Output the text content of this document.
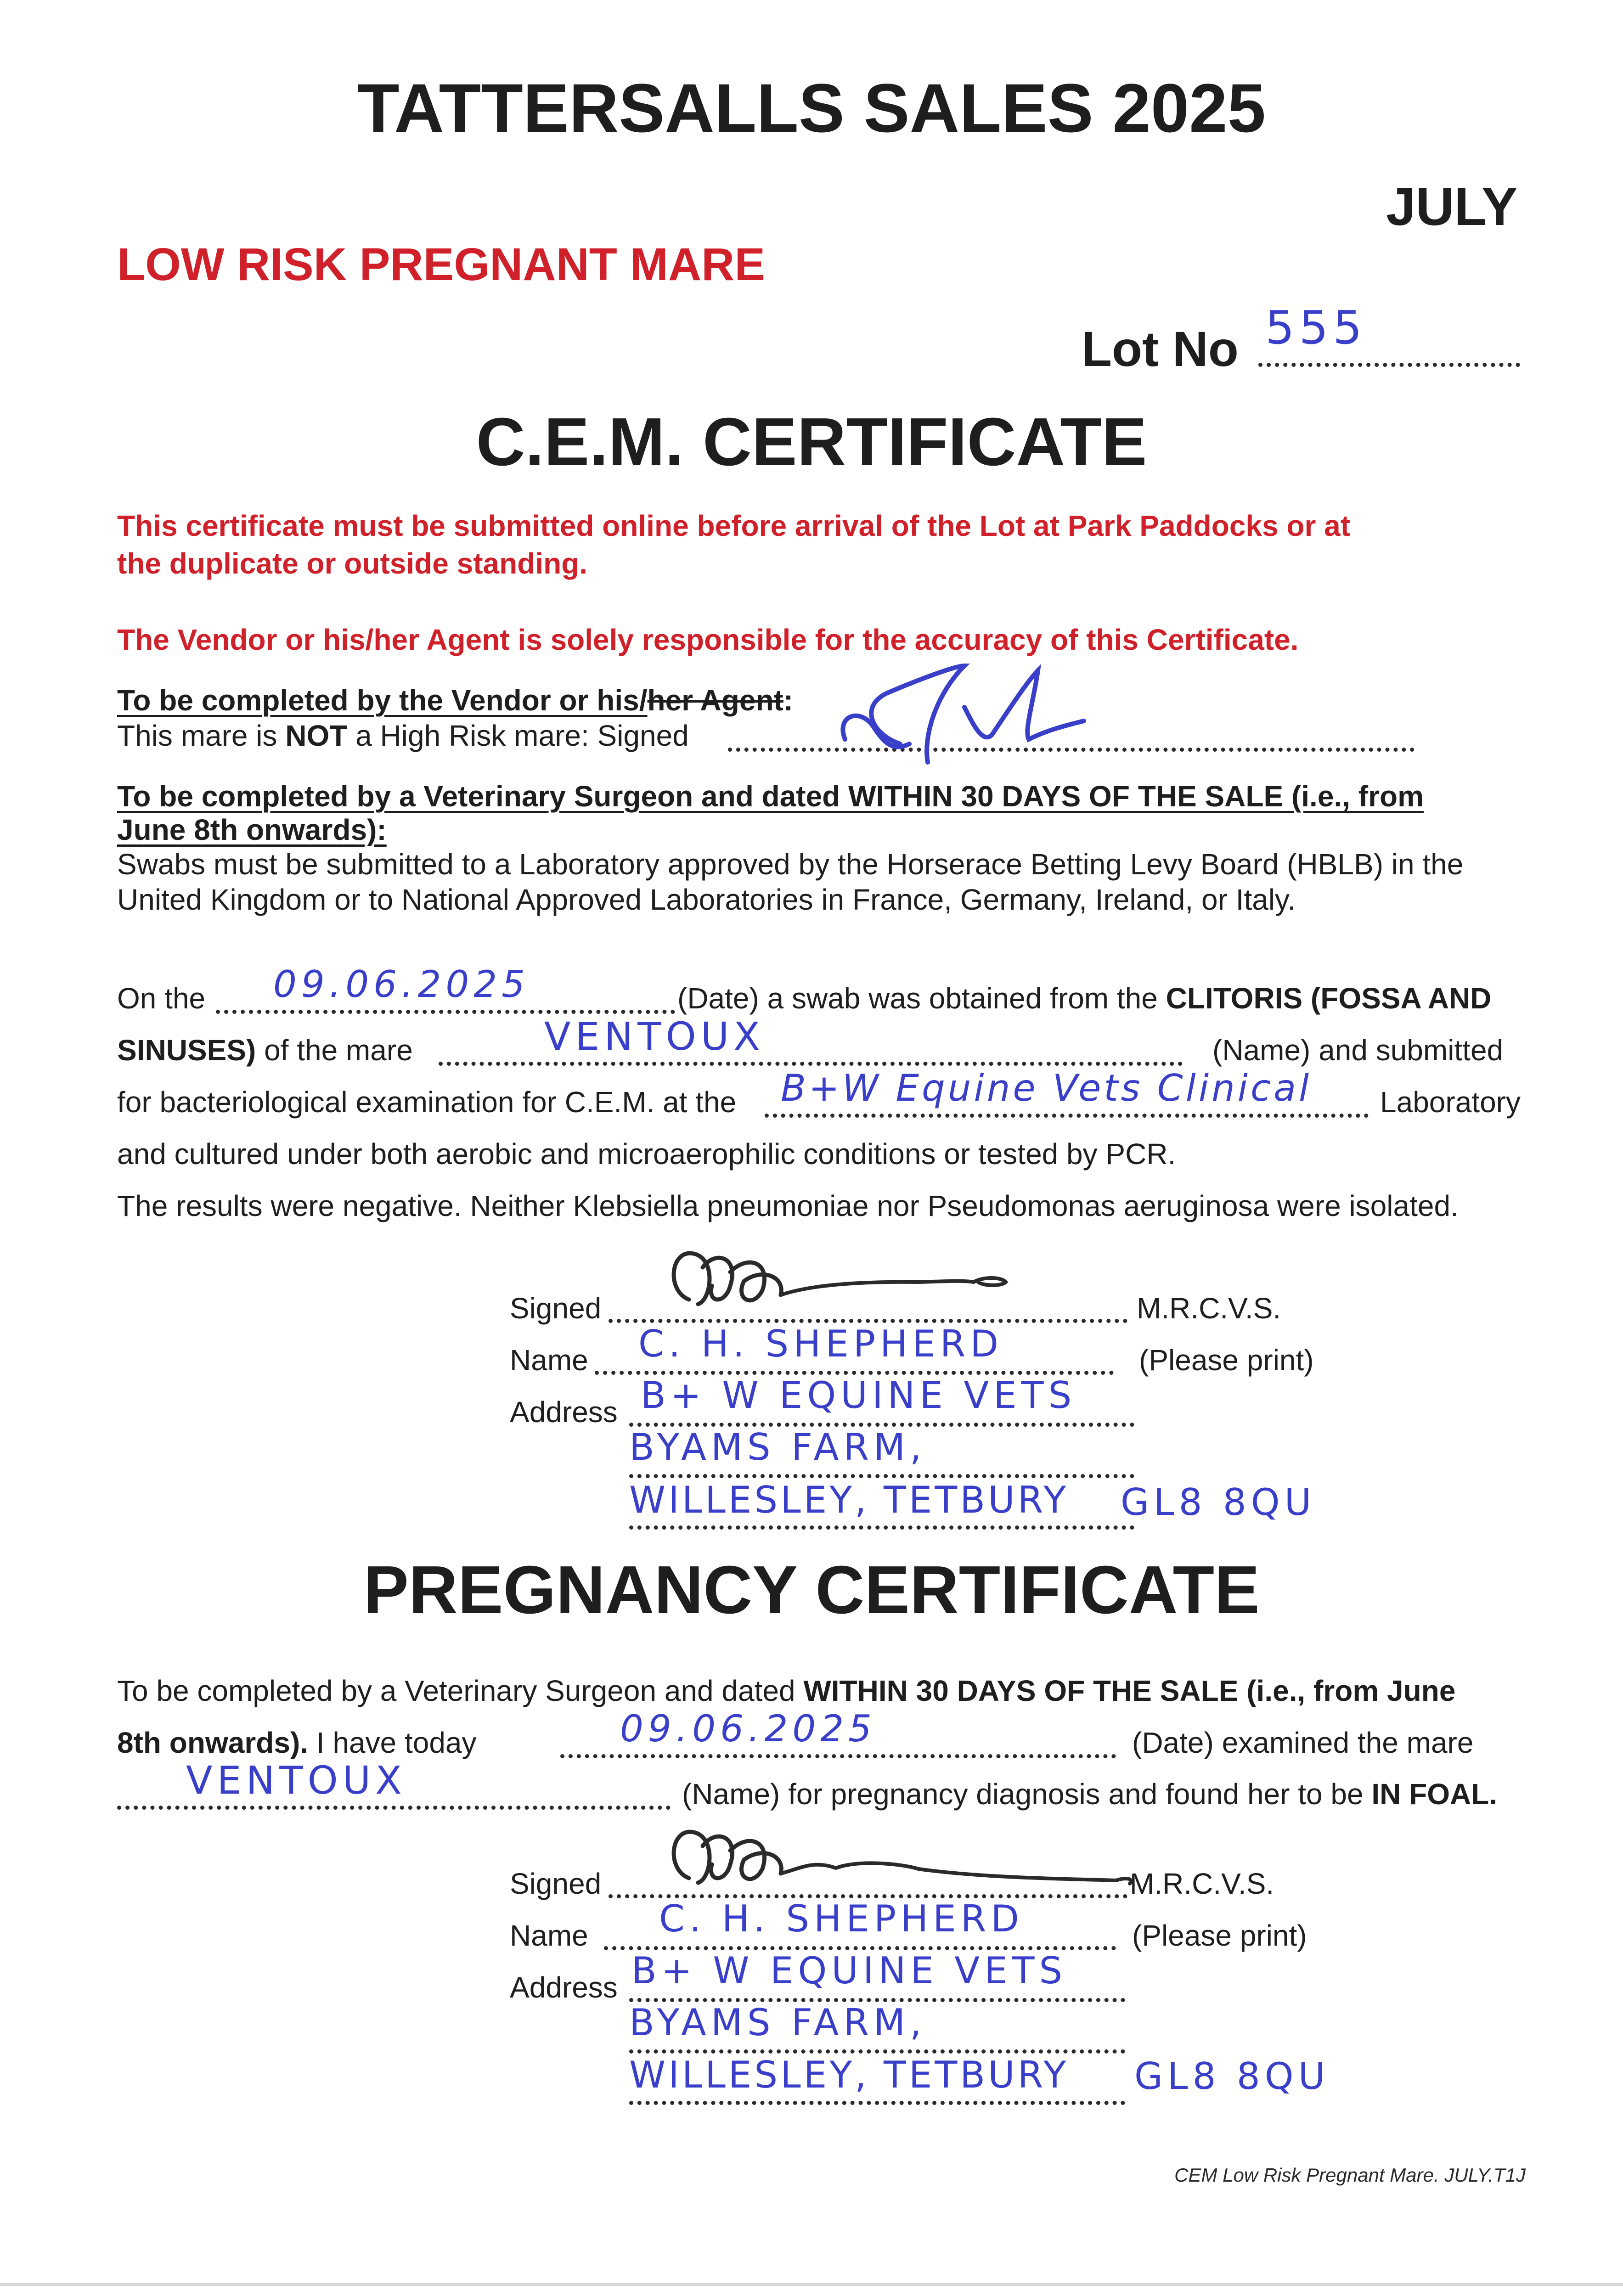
TATTERSALLS SALES 2025
JULY
LOW RISK PREGNANT MARE
Lot No 555
C.E.M. CERTIFICATE
This certificate must be submitted online before arrival of the Lot at Park Paddocks or at
the duplicate or outside standing.
The Vendor or his/her Agent is solely responsible for the accuracy of this Certificate.
To be completed by the Vendor or his/her Agent:
This mare is NOT a High Risk mare: Signed
To be completed by a Veterinary Surgeon and dated WITHIN 30 DAYS OF THE SALE (i.e., from
June 8th onwards):
Swabs must be submitted to a Laboratory approved by the Horserace Betting Levy Board (HBLB) in the
United Kingdom or to National Approved Laboratories in France, Germany, Ireland, or Italy.
On the 09.06.2025	(Date) a swab was obtained from the CLITORIS (FOSSA AND
SINUSES) of the mare	VENTOUX	(Name) and submitted
for bacteriological examination for C.E.M. at the B+W Equine Vets Clinical Laboratory
and cultured under both aerobic and microaerophilic conditions or tested by PCR.
The results were negative. Neither Klebsiella pneumoniae nor Pseudomonas aeruginosa were isolated.
Signed	M.R.C.V.S.
Name C. H. SHEPHERD	(Please print)
Address B+ W EQUINE VETS
BYAMS FARM,
WILLESLEY, TETBURY GL8 8QU
PREGNANCY CERTIFICATE
To be completed by a Veterinary Surgeon and dated WITHIN 30 DAYS OF THE SALE (i.e., from June
8th onwards). I have today	09.06.2025	(Date) examined the mare
VENTOUX	(Name) for pregnancy diagnosis and found her to be IN FOAL.
Signed	M.R.C.V.S.
Name C. H. SHEPHERD	(Please print)
Address B+ W EQUINE VETS
BYAMS FARM,
WILLESLEY, TETBURY GL8 8QU
CEM Low Risk Pregnant Mare. JULY.T1J
